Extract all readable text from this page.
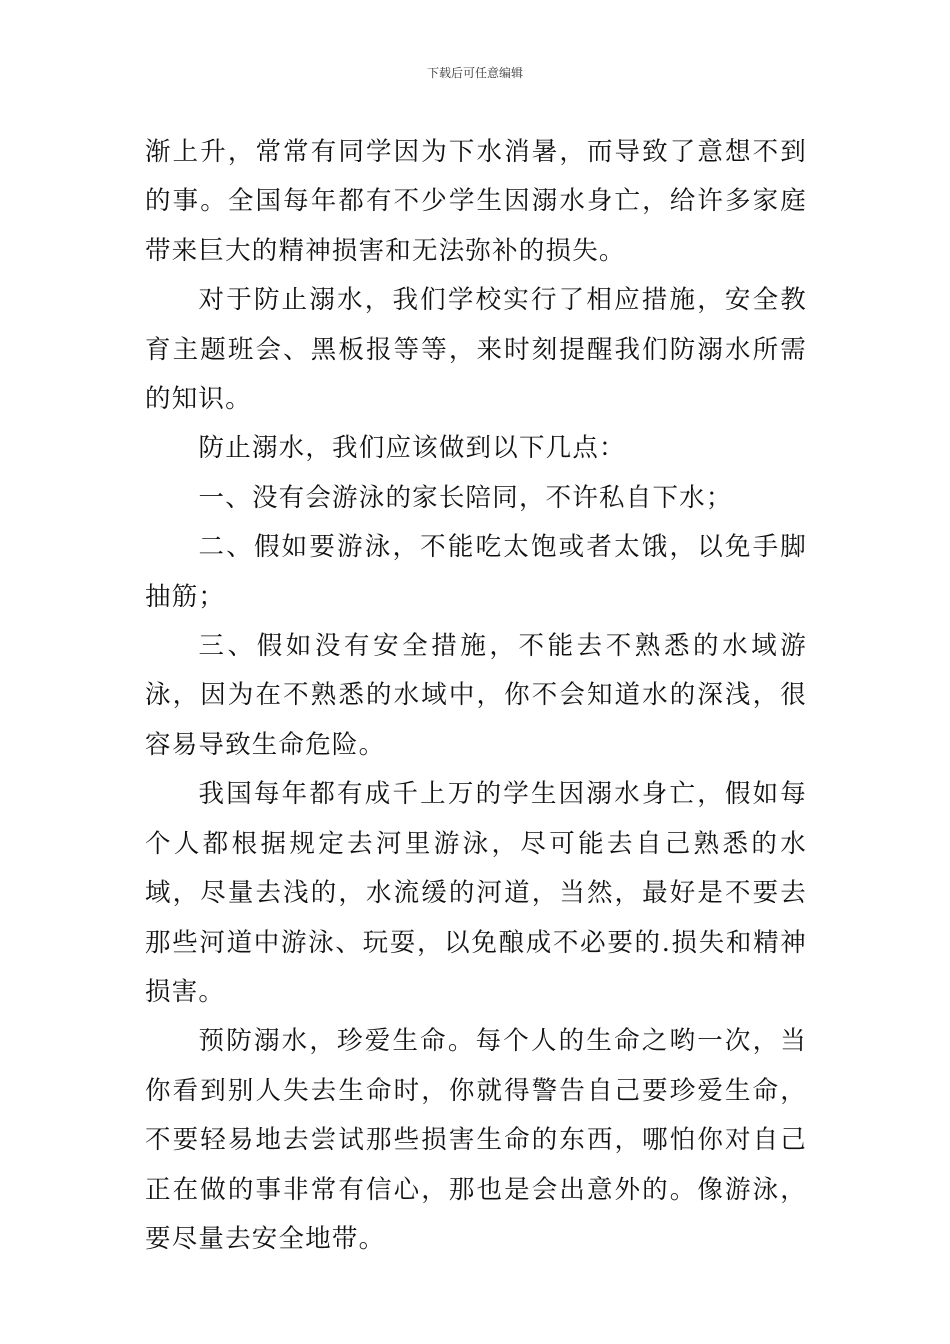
下载后可任意编辑

渐上升，常常有同学因为下水消暑，而导致了意想不到的事。全国每年都有不少学生因溺水身亡，给许多家庭带来巨大的精神损害和无法弥补的损失。

对于防止溺水，我们学校实行了相应措施，安全教育主题班会、黑板报等等，来时刻提醒我们防溺水所需的知识。

防止溺水，我们应该做到以下几点：

一、没有会游泳的家长陪同，不许私自下水；

二、假如要游泳，不能吃太饱或者太饿，以免手脚抽筋；

三、假如没有安全措施，不能去不熟悉的水域游泳，因为在不熟悉的水域中，你不会知道水的深浅，很容易导致生命危险。

我国每年都有成千上万的学生因溺水身亡，假如每个人都根据规定去河里游泳，尽可能去自己熟悉的水域，尽量去浅的，水流缓的河道，当然，最好是不要去那些河道中游泳、玩耍，以免酿成不必要的.损失和精神损害。

预防溺水，珍爱生命。每个人的生命之哟一次，当你看到别人失去生命时，你就得警告自己要珍爱生命，不要轻易地去尝试那些损害生命的东西，哪怕你对自己正在做的事非常有信心，那也是会出意外的。像游泳，要尽量去安全地带。
